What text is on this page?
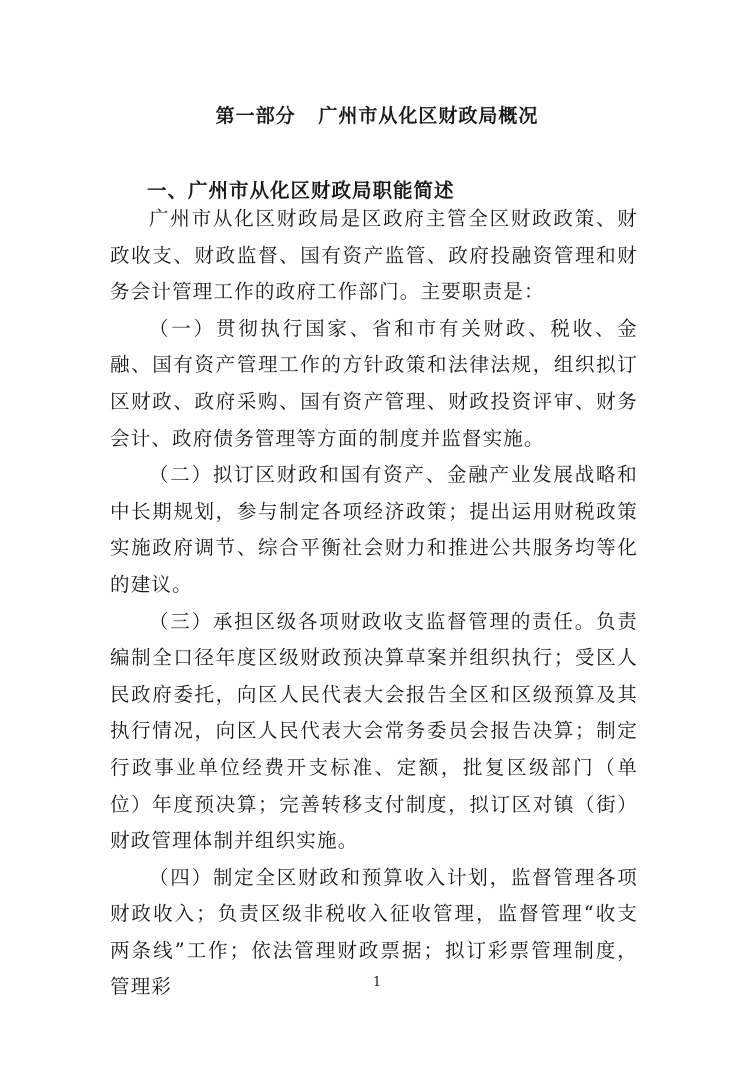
第一部分   广州市从化区财政局概况
一、广州市从化区财政局职能简述

广州市从化区财政局是区政府主管全区财政政策、财政收支、财政监督、国有资产监管、政府投融资管理和财务会计管理工作的政府工作部门。主要职责是：

（一）贯彻执行国家、省和市有关财政、税收、金融、国有资产管理工作的方针政策和法律法规，组织拟订区财政、政府采购、国有资产管理、财政投资评审、财务会计、政府债务管理等方面的制度并监督实施。

（二）拟订区财政和国有资产、金融产业发展战略和中长期规划，参与制定各项经济政策；提出运用财税政策实施政府调节、综合平衡社会财力和推进公共服务均等化的建议。

（三）承担区级各项财政收支监督管理的责任。负责编制全口径年度区级财政预决算草案并组织执行；受区人民政府委托，向区人民代表大会报告全区和区级预算及其执行情况，向区人民代表大会常务委员会报告决算；制定行政事业单位经费开支标准、定额，批复区级部门（单位）年度预决算；完善转移支付制度，拟订区对镇（街）财政管理体制并组织实施。

（四）制定全区财政和预算收入计划，监督管理各项财政收入；负责区级非税收入征收管理，监督管理“收支两条线”工作；依法管理财政票据；拟订彩票管理制度，管理彩	1
